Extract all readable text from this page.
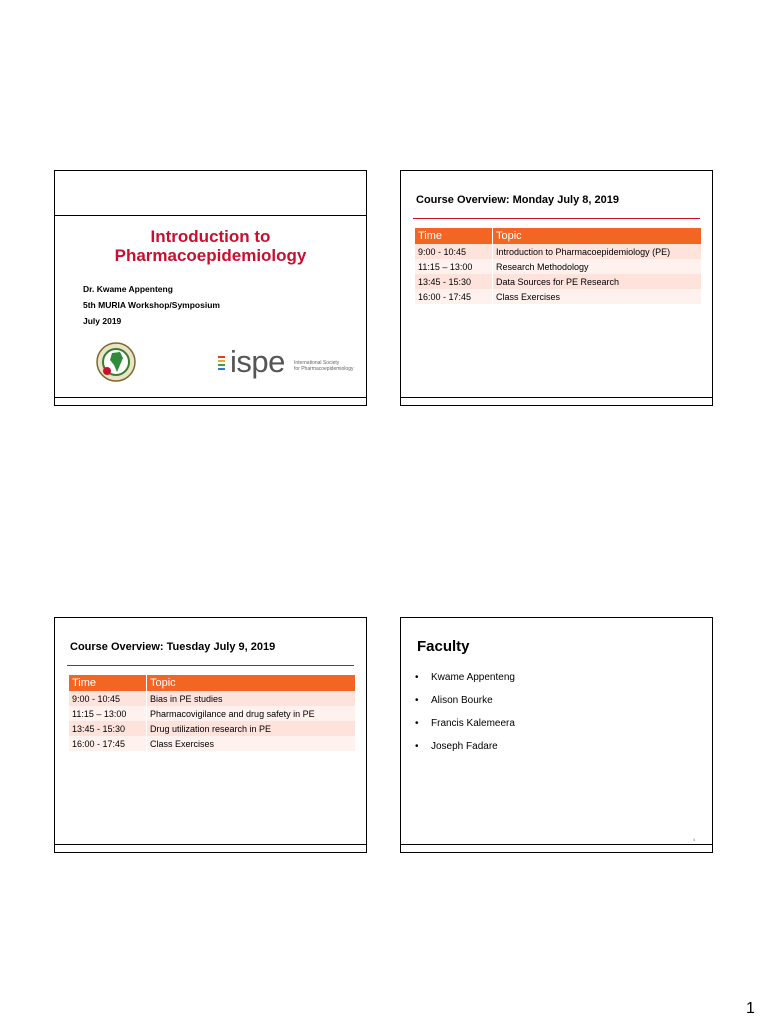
Introduction to
Pharmacoepidemiology
Dr. Kwame Appenteng
5th MURIA Workshop/Symposium
July 2019
ispe International Society
for Pharmacoepidemiology
Course Overview: Monday July 8, 2019
Time	Topic
9:00 - 10:45	Introduction to Pharmacoepidemiology (PE)
11:15 – 13:00	Research Methodology
13:45 - 15:30	Data Sources for PE Research
16:00 - 17:45	Class Exercises
Course Overview: Tuesday July 9, 2019
Time	Topic
9:00 - 10:45	Bias in PE studies
11:15 – 13:00	Pharmacovigilance and drug safety in PE
13:45 - 15:30	Drug utilization research in PE
16:00 - 17:45	Class Exercises
Faculty
•	Kwame Appenteng
•	Alison Bourke
•	Francis Kalemeera
•	Joseph Fadare
4
1
